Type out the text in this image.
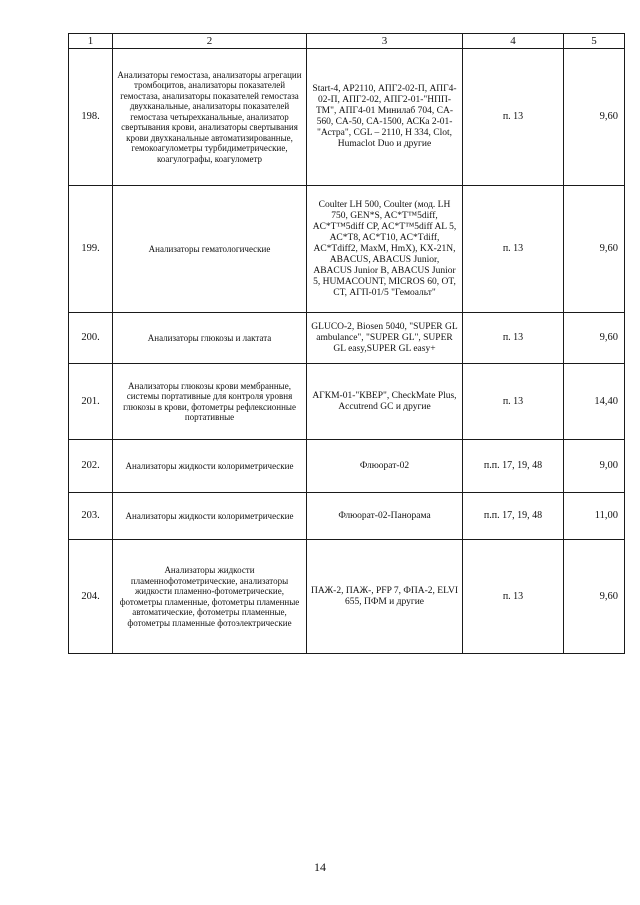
1	2	3	4	5
198.	Анализаторы гемостаза, анализаторы агрегации тромбоцитов, анализаторы показателей гемостаза, анализаторы показателей гемостаза двухканальные, анализаторы показателей гемостаза четырехканальные, анализатор свертывания крови, анализаторы свертывания крови двухканальные автоматизированные, гемокоагулометры турбидиметрические, коагулографы, коагулометр	Start-4, AP2110, АПГ2-02-П, АПГ4-02-П, АПГ2-02, АПГ2-01-"НПП-ТМ", АПГ4-01 Минилаб 704, CA-560, CA-50, CA-1500, АСКа 2-01-"Астра", CGL – 2110, H 334, Clot, Humaclot Duo и другие	п. 13	9,60
199.	Анализаторы гематологические	Coulter LH 500, Coulter (мод. LH 750, GEN*S, AC*T™5diff, AC*T™5diff CP, AC*T™5diff AL 5, AC*T8, AC*T10, AC*Tdiff, AC*Tdiff2, MaxM, HmX), KX-21N, ABACUS, ABACUS Junior, ABACUS Junior B, ABACUS Junior 5, HUMACOUNT, MICROS 60, OT, CT, АГП-01/5 "Гемоальт"	п. 13	9,60
200.	Анализаторы глюкозы и лактата	GLUCO-2, Biosen 5040, "SUPER GL ambulance", "SUPER GL", SUPER GL easy,SUPER GL easy+	п. 13	9,60
201.	Анализаторы глюкозы крови мембранные, системы портативные для контроля уровня глюкозы в крови, фотометры рефлексионные портативные	АГКМ-01-"КВЕР", CheckMate Plus, Accutrend GC и другие	п. 13	14,40
202.	Анализаторы жидкости колориметрические	Флюорат-02	п.п. 17, 19, 48	9,00
203.	Анализаторы жидкости колориметрические	Флюорат-02-Панорама	п.п. 17, 19, 48	11,00
204.	Анализаторы жидкости пламеннофотометрические, анализаторы жидкости пламенно-фотометрические, фотометры пламенные, фотометры пламенные автоматические, фотометры пламенные, фотометры пламенные фотоэлектрические	ПАЖ-2, ПАЖ-, PFP 7, ФПА-2, ELVI 655, ПФМ и другие	п. 13	9,60
14
